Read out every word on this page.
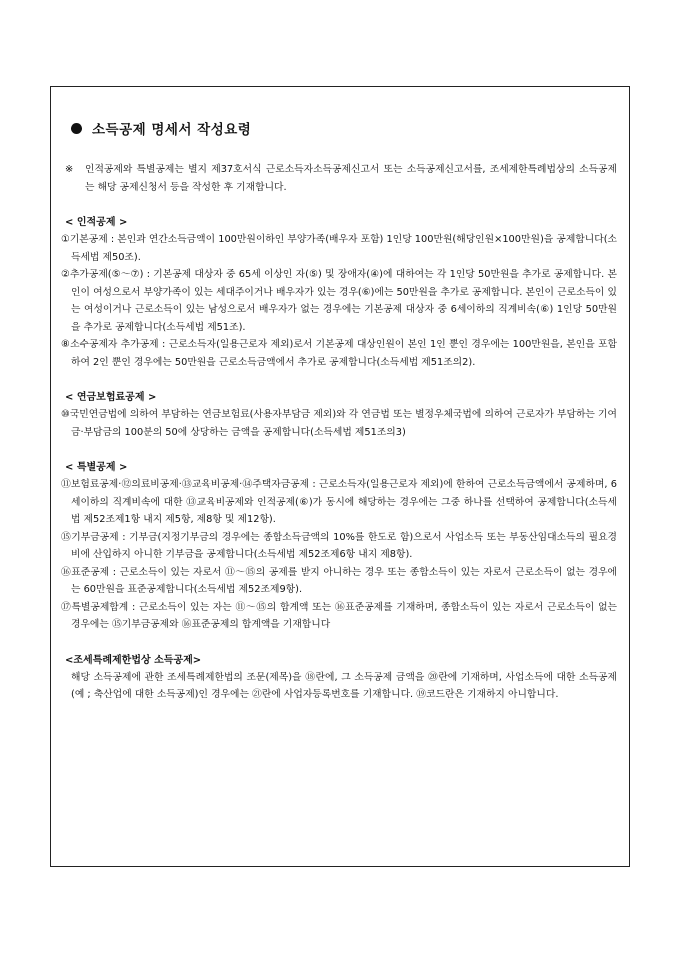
소득공제 명세서 작성요령

※ 인적공제와 특별공제는 별지 제37호서식 근로소득자소득공제신고서 또는 소득공제신고서를, 조세제한특례법상의 소득공제는 해당 공제신청서 등을 작성한 후 기재합니다.

< 인적공제 >

①기본공제 : 본인과 연간소득금액이 100만원이하인 부양가족(배우자 포함) 1인당 100만원(해당인원×100만원)을 공제합니다(소득세법 제50조).

②추가공제(⑤～⑦) : 기본공제 대상자 중 65세 이상인 자(⑤) 및 장애자(④)에 대하여는 각 1인당 50만원을 추가로 공제합니다. 본인이 여성으로서 부양가족이 있는 세대주이거나 배우자가 있는 경우(⑥)에는 50만원을 추가로 공제합니다. 본인이 근로소득이 있는 여성이거나 근로소득이 있는 남성으로서 배우자가 없는 경우에는 기본공제 대상자 중 6세이하의 직계비속(⑥) 1인당 50만원을 추가로 공제합니다(소득세법 제51조).

⑧소수공제자 추가공제 : 근로소득자(일용근로자 제외)로서 기본공제 대상인원이 본인 1인 뿐인 경우에는 100만원을, 본인을 포함하여 2인 뿐인 경우에는 50만원을 근로소득금액에서 추가로 공제합니다(소득세법 제51조의2).

< 연금보험료공제 >

⑩국민연금법에 의하여 부담하는 연금보험료(사용자부담금 제외)와 각 연금법 또는 별정우체국법에 의하여 근로자가 부담하는 기여금·부담금의 100분의 50에 상당하는 금액을 공제합니다(소득세법 제51조의3)

< 특별공제 >

⑪보험료공제·⑫의료비공제·⑬교육비공제·⑭주택자금공제 : 근로소득자(일용근로자 제외)에 한하여 근로소득금액에서 공제하며, 6세이하의 직계비속에 대한 ⑬교육비공제와 인적공제(⑥)가 동시에 해당하는 경우에는 그중 하나를 선택하여 공제합니다(소득세법 제52조제1항 내지 제5항, 제8항 및 제12항).

⑮기부금공제 : 기부금(지정기부금의 경우에는 종합소득금액의 10%를 한도로 함)으로서 사업소득 또는 부동산임대소득의 필요경비에 산입하지 아니한 기부금을 공제합니다(소득세법 제52조제6항 내지 제8항).

⑯표준공제 : 근로소득이 있는 자로서 ⑪～⑮의 공제를 받지 아니하는 경우 또는 종합소득이 있는 자로서 근로소득이 없는 경우에는 60만원을 표준공제합니다(소득세법 제52조제9항).

⑰특별공제합계 : 근로소득이 있는 자는 ⑪～⑮의 합계액 또는 ⑯표준공제를 기재하며, 종합소득이 있는 자로서 근로소득이 없는 경우에는 ⑮기부금공제와 ⑯표준공제의 합계액을 기재합니다

<조세특례제한법상 소득공제>

해당 소득공제에 관한 조세특례제한법의 조문(제목)을 ⑱란에, 그 소득공제 금액을 ⑳란에 기재하며, 사업소득에 대한 소득공제(예 ; 축산업에 대한 소득공제)인 경우에는 ㉑란에 사업자등록번호를 기재합니다. ⑲코드란은 기재하지 아니합니다.
